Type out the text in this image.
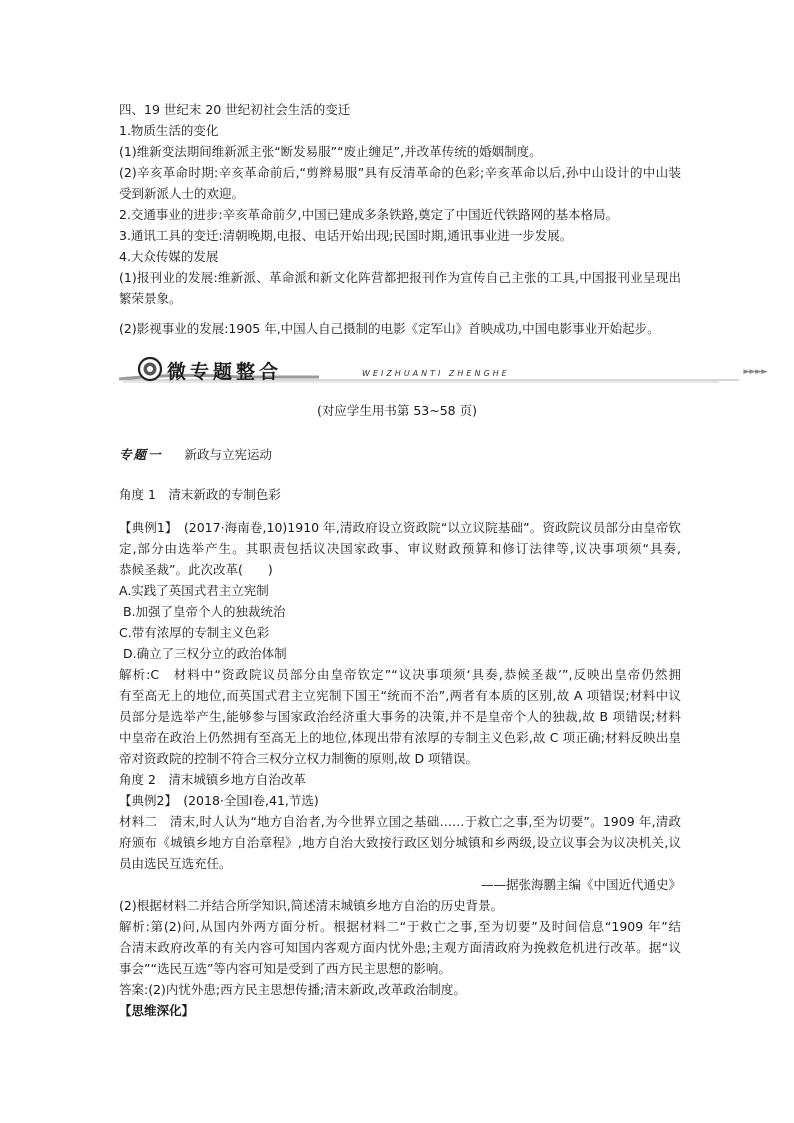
四、19 世纪末 20 世纪初社会生活的变迁
1.物质生活的变化
(1)维新变法期间维新派主张“断发易服”“废止缠足”,并改革传统的婚姻制度。
(2)辛亥革命时期:辛亥革命前后,“剪辫易服”具有反清革命的色彩;辛亥革命以后,孙中山设计的中山装
受到新派人士的欢迎。
2.交通事业的进步:辛亥革命前夕,中国已建成多条铁路,奠定了中国近代铁路网的基本格局。
3.通讯工具的变迁:清朝晚期,电报、电话开始出现;民国时期,通讯事业进一步发展。
4.大众传媒的发展
(1)报刊业的发展:维新派、革命派和新文化阵营都把报刊作为宣传自己主张的工具,中国报刊业呈现出
繁荣景象。
(2)影视事业的发展:1905 年,中国人自己摄制的电影《定军山》首映成功,中国电影事业开始起步。
微专题整合	WEIZHUANTI ZHENGHE	►►►►
(对应学生用书第 53~58 页)
专题一 新政与立宪运动
角度 1　清末新政的专制色彩
【典例1】　(2017·海南卷,10)1910 年,清政府设立资政院“以立议院基础”。资政院议员部分由皇帝钦
定,部分由选举产生。其职责包括议决国家政事、审议财政预算和修订法律等,议决事项须“具奏,
恭候圣裁”。此次改革(　　)
A.实践了英国式君主立宪制
B.加强了皇帝个人的独裁统治
C.带有浓厚的专制主义色彩
D.确立了三权分立的政治体制
解析:C　材料中“资政院议员部分由皇帝钦定”“议决事项须‘具奏,恭候圣裁’”,反映出皇帝仍然拥
有至高无上的地位,而英国式君主立宪制下国王“统而不治”,两者有本质的区别,故 A 项错误;材料中议
员部分是选举产生,能够参与国家政治经济重大事务的决策,并不是皇帝个人的独裁,故 B 项错误;材料
中皇帝在政治上仍然拥有至高无上的地位,体现出带有浓厚的专制主义色彩,故 C 项正确;材料反映出皇
帝对资政院的控制不符合三权分立权力制衡的原则,故 D 项错误。
角度 2　清末城镇乡地方自治改革
【典例2】　(2018·全国Ⅰ卷,41,节选)
材料二　清末,时人认为“地方自治者,为今世界立国之基础……于救亡之事,至为切要”。1909 年,清政
府颁布《城镇乡地方自治章程》,地方自治大致按行政区划分城镇和乡两级,设立议事会为议决机关,议
员由选民互选充任。
——据张海鹏主编《中国近代通史》
(2)根据材料二并结合所学知识,简述清末城镇乡地方自治的历史背景。
解析:第(2)问,从国内外两方面分析。根据材料二“于救亡之事,至为切要”及时间信息“1909 年”结
合清末政府改革的有关内容可知国内客观方面内忧外患;主观方面清政府为挽救危机进行改革。据“议
事会”“选民互选”等内容可知是受到了西方民主思想的影响。
答案:(2)内忧外患;西方民主思想传播;清末新政,改革政治制度。
【思维深化】
